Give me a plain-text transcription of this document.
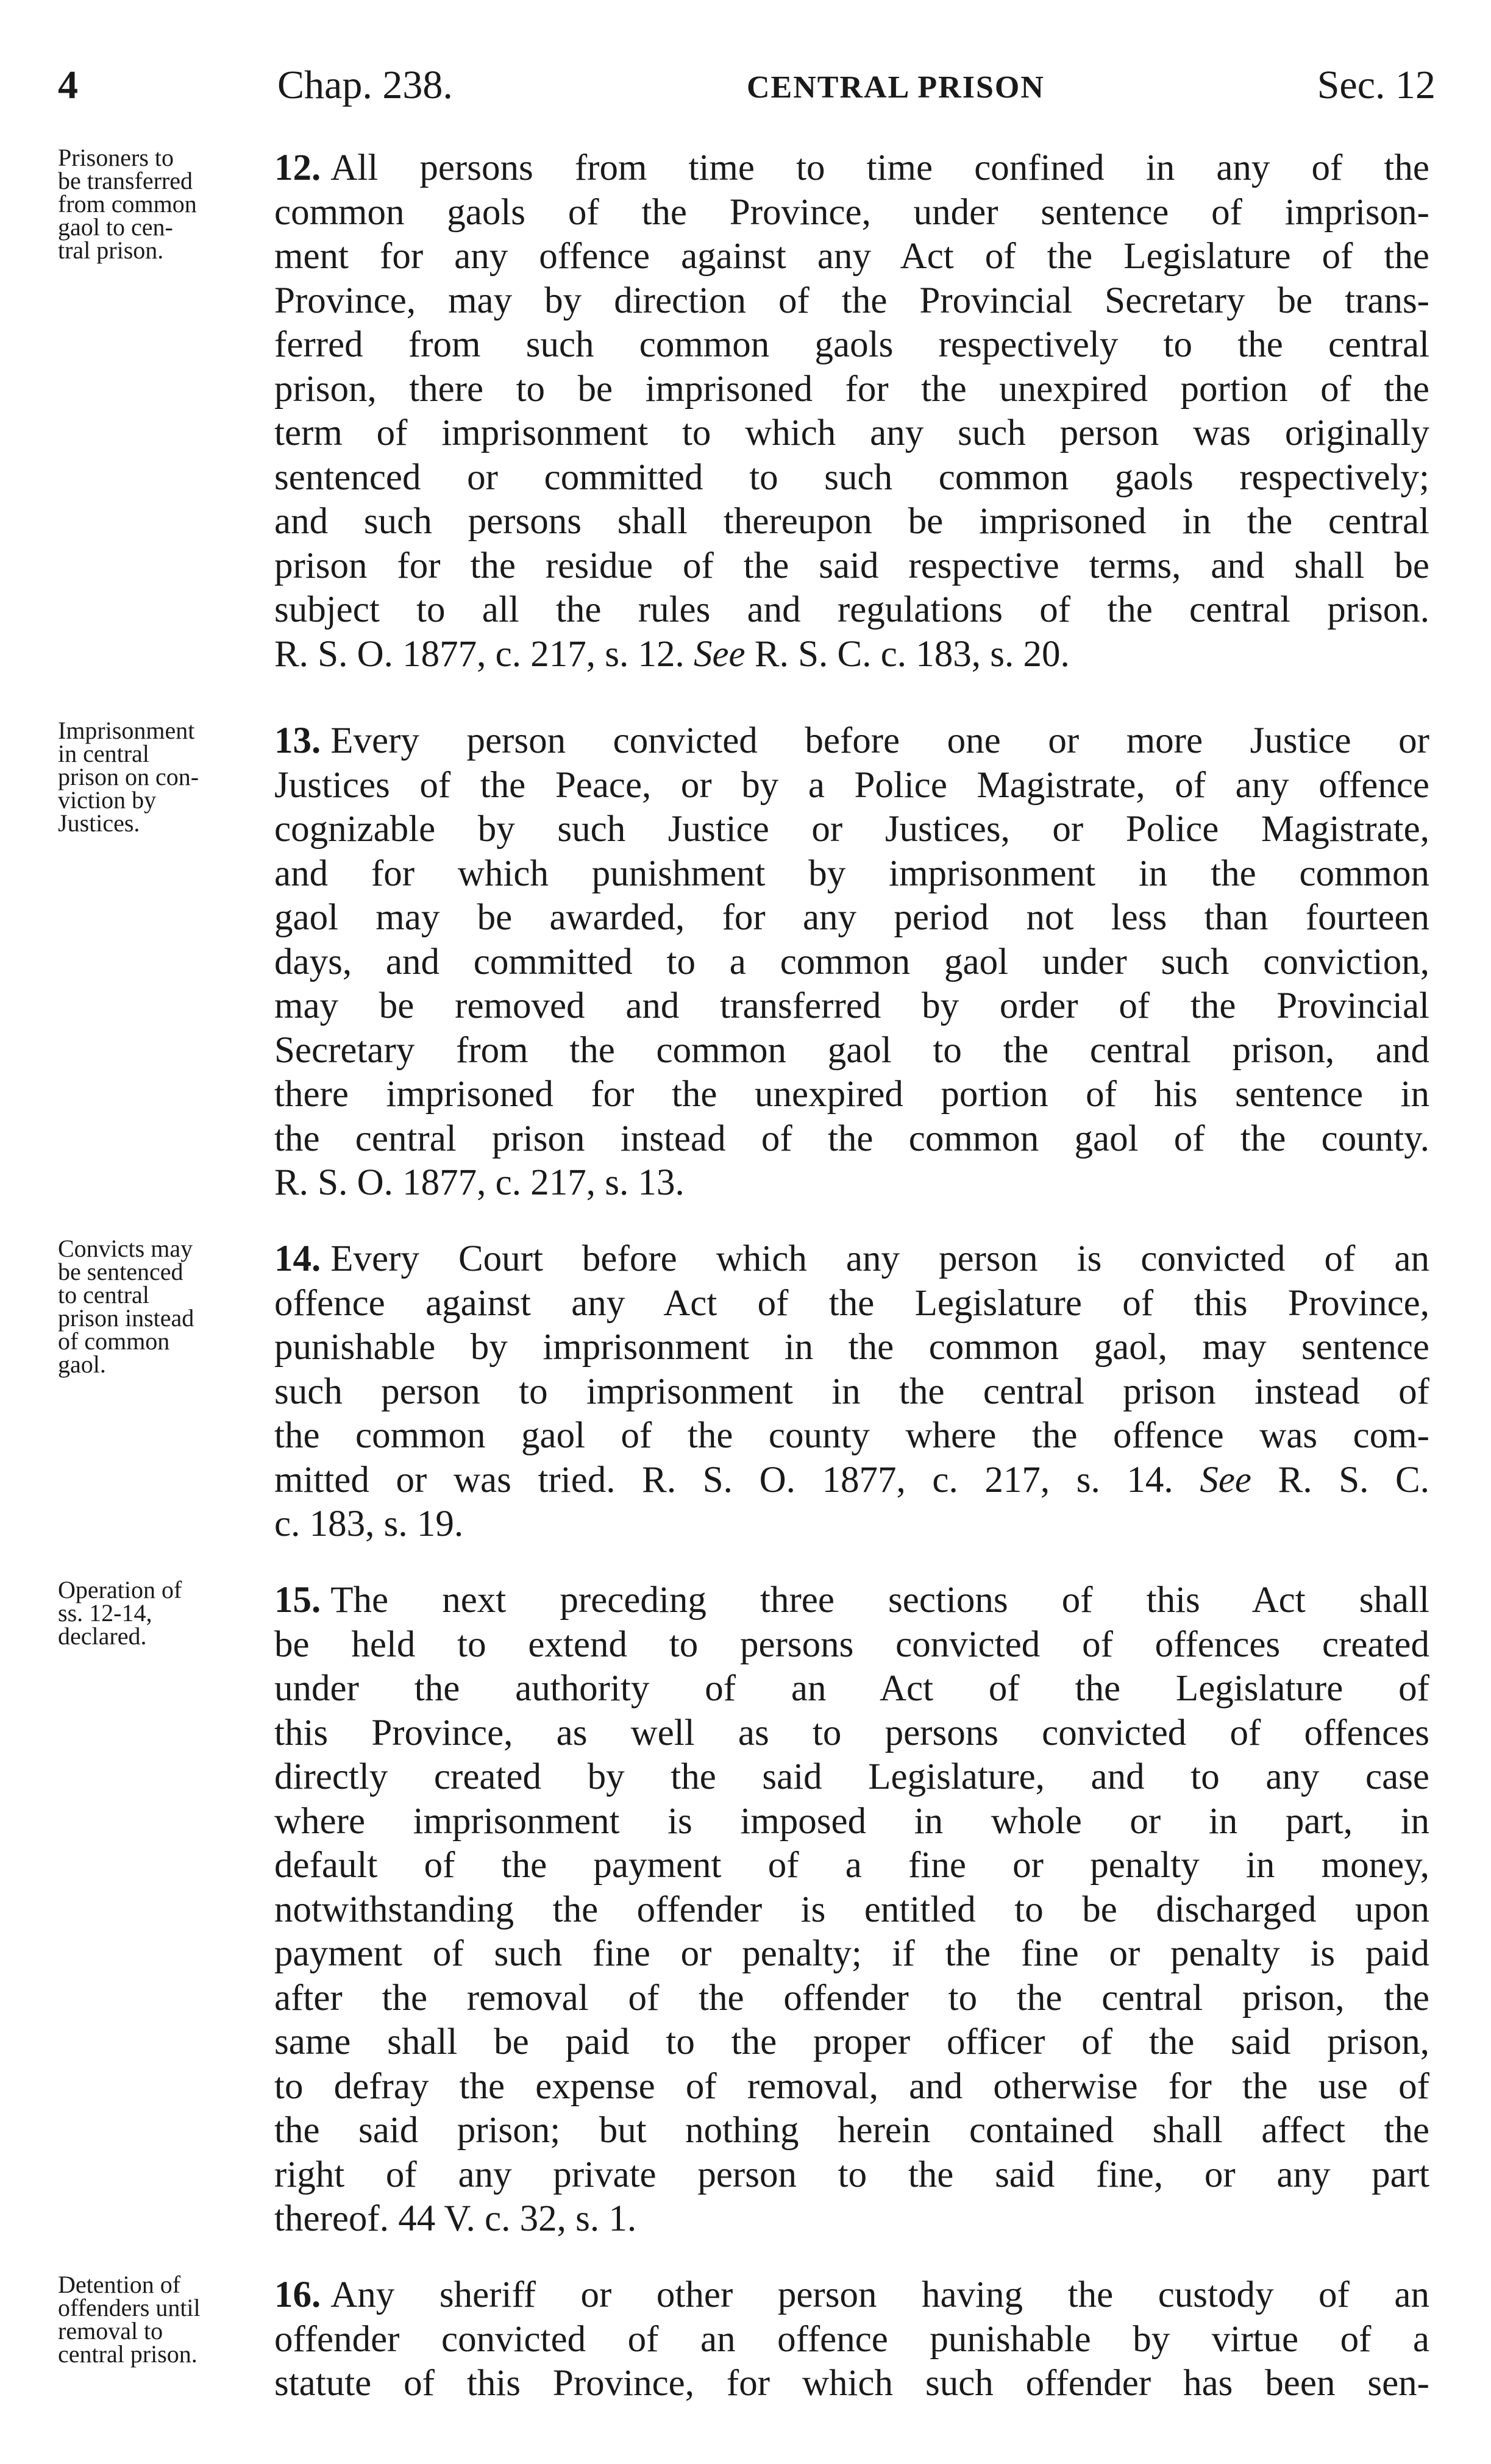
4	Chap. 238.	CENTRAL PRISON	Sec. 12
Prisoners to
be transferred
from common
gaol to cen-
tral prison.
12. All persons from time to time confined in any of the
common gaols of the Province, under sentence of imprison-
ment for any offence against any Act of the Legislature of the
Province, may by direction of the Provincial Secretary be trans-
ferred from such common gaols respectively to the central
prison, there to be imprisoned for the unexpired portion of the
term of imprisonment to which any such person was originally
sentenced or committed to such common gaols respectively;
and such persons shall thereupon be imprisoned in the central
prison for the residue of the said respective terms, and shall be
subject to all the rules and regulations of the central prison.
R. S. O. 1877, c. 217, s. 12. See R. S. C. c. 183, s. 20.
Imprisonment
in central
prison on con-
viction by
Justices.
13. Every person convicted before one or more Justice or
Justices of the Peace, or by a Police Magistrate, of any offence
cognizable by such Justice or Justices, or Police Magistrate,
and for which punishment by imprisonment in the common
gaol may be awarded, for any period not less than fourteen
days, and committed to a common gaol under such conviction,
may be removed and transferred by order of the Provincial
Secretary from the common gaol to the central prison, and
there imprisoned for the unexpired portion of his sentence in
the central prison instead of the common gaol of the county.
R. S. O. 1877, c. 217, s. 13.
Convicts may
be sentenced
to central
prison instead
of common
gaol.
14. Every Court before which any person is convicted of an
offence against any Act of the Legislature of this Province,
punishable by imprisonment in the common gaol, may sentence
such person to imprisonment in the central prison instead of
the common gaol of the county where the offence was com-
mitted or was tried. R. S. O. 1877, c. 217, s. 14. See R. S. C.
c. 183, s. 19.
Operation of
ss. 12-14,
declared.
15. The next preceding three sections of this Act shall
be held to extend to persons convicted of offences created
under the authority of an Act of the Legislature of
this Province, as well as to persons convicted of offences
directly created by the said Legislature, and to any case
where imprisonment is imposed in whole or in part, in
default of the payment of a fine or penalty in money,
notwithstanding the offender is entitled to be discharged upon
payment of such fine or penalty; if the fine or penalty is paid
after the removal of the offender to the central prison, the
same shall be paid to the proper officer of the said prison,
to defray the expense of removal, and otherwise for the use of
the said prison; but nothing herein contained shall affect the
right of any private person to the said fine, or any part
thereof. 44 V. c. 32, s. 1.
Detention of
offenders until
removal to
central prison.
16. Any sheriff or other person having the custody of an
offender convicted of an offence punishable by virtue of a
statute of this Province, for which such offender has been sen-
